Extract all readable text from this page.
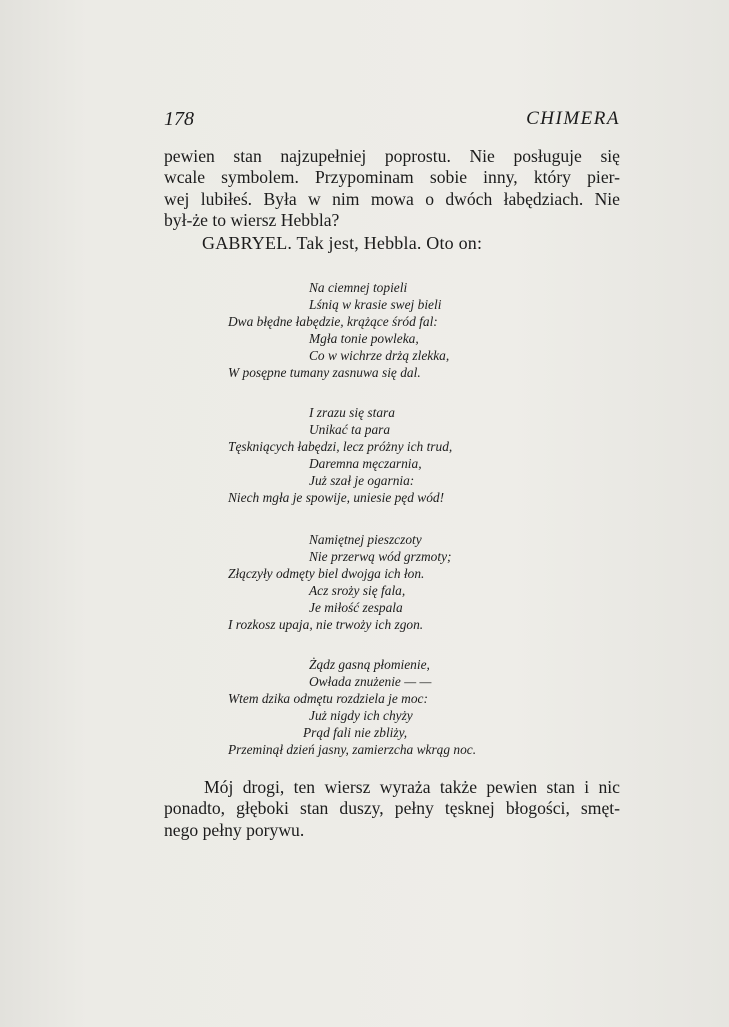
178	CHIMERA
pewien stan najzupełniej poprostu. Nie posługuje się
wcale symbolem. Przypominam sobie inny, który pier-
wej lubiłeś. Była w nim mowa o dwóch łabędziach. Nie
był-że to wiersz Hebbla?
GABRYEL. Tak jest, Hebbla. Oto on:
Na ciemnej topieli
Lśnią w krasie swej bieli
Dwa błędne łabędzie, krążące śród fal:
Mgła tonie powleka,
Co w wichrze drżą zlekka,
W posępne tumany zasnuwa się dal.
I zrazu się stara
Unikać ta para
Tęskniących łabędzi, lecz próżny ich trud,
Daremna męczarnia,
Już szał je ogarnia:
Niech mgła je spowije, uniesie pęd wód!
Namiętnej pieszczoty
Nie przerwą wód grzmoty;
Złączyły odmęty biel dwojga ich łon.
Acz sroży się fala,
Je miłość zespala
I rozkosz upaja, nie trwoży ich zgon.
Żądz gasną płomienie,
Owłada znużenie — —
Wtem dzika odmętu rozdziela je moc:
Już nigdy ich chyży
Prąd fali nie zbliży,
Przeminął dzień jasny, zamierzcha wkrąg noc.
Mój drogi, ten wiersz wyraża także pewien stan i nic
ponadto, głęboki stan duszy, pełny tęsknej błogości, smęt-
nego pełny porywu.
